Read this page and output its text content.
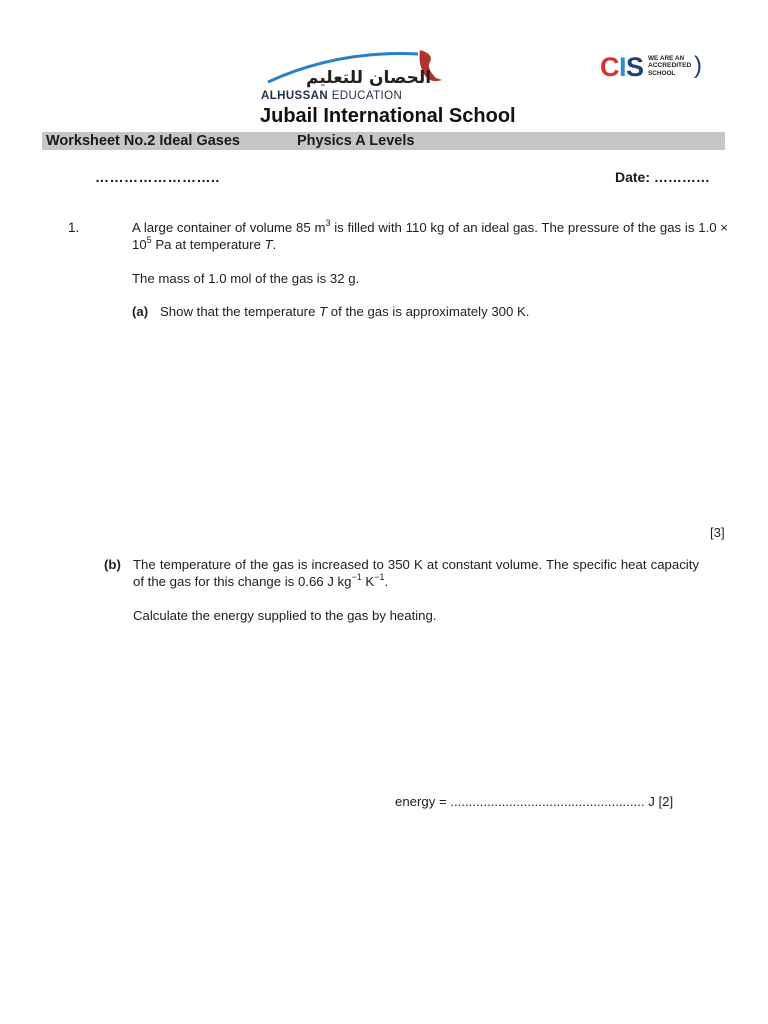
الحصان للتعليم
ALHUSSAN EDUCATION
Jubail International School
CIS WE ARE AN
ACCREDITED
SCHOOL )
Worksheet No.2 Ideal Gases	Physics A Levels
……………………..	Date: …………
1.	A large container of volume 85 $m^3$ is filled with 110 kg of an ideal gas. The pressure of the gas is $1.0 \times 10^5$ Pa at temperature T.
The mass of 1.0 mol of the gas is 32 g.
(a) Show that the temperature T of the gas is approximately 300 K.
[3]
(b) The temperature of the gas is increased to 350 K at constant volume. The specific heat capacity of the gas for this change is 0.66 J $kg^{-1}$ $K^{-1}$.
Calculate the energy supplied to the gas by heating.
energy = ..................................................... J [2]
